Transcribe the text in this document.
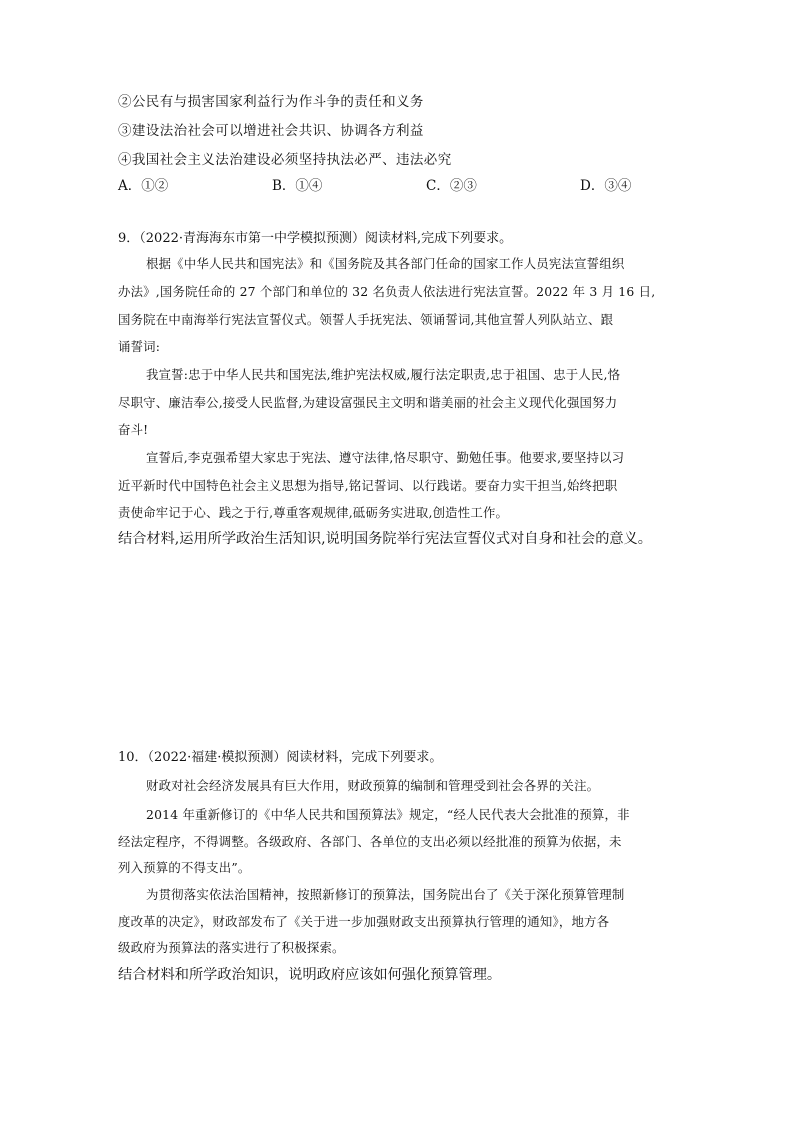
②公民有与损害国家利益行为作斗争的责任和义务
③建设法治社会可以增进社会共识、协调各方利益
④我国社会主义法治建设必须坚持执法必严、违法必究
A．①②	B．①④	C．②③	D．③④
9．（2022·青海海东市第一中学模拟预测）阅读材料,完成下列要求。
根据《中华人民共和国宪法》和《国务院及其各部门任命的国家工作人员宪法宣誓组织
办法》,国务院任命的 27 个部门和单位的 32 名负责人依法进行宪法宣誓。2022 年 3 月 16 日,
国务院在中南海举行宪法宣誓仪式。领誓人手抚宪法、领诵誓词,其他宣誓人列队站立、跟
诵誓词:
我宣誓:忠于中华人民共和国宪法,维护宪法权威,履行法定职责,忠于祖国、忠于人民,恪
尽职守、廉洁奉公,接受人民监督,为建设富强民主文明和谐美丽的社会主义现代化强国努力
奋斗!
宣誓后,李克强希望大家忠于宪法、遵守法律,恪尽职守、勤勉任事。他要求,要坚持以习
近平新时代中国特色社会主义思想为指导,铭记誓词、以行践诺。要奋力实干担当,始终把职
责使命牢记于心、践之于行,尊重客观规律,砥砺务实进取,创造性工作。
结合材料,运用所学政治生活知识,说明国务院举行宪法宣誓仪式对自身和社会的意义。
10．（2022·福建·模拟预测）阅读材料，完成下列要求。
财政对社会经济发展具有巨大作用，财政预算的编制和管理受到社会各界的关注。
2014 年重新修订的《中华人民共和国预算法》规定，“经人民代表大会批准的预算，非
经法定程序，不得调整。各级政府、各部门、各单位的支出必须以经批准的预算为依据，未
列入预算的不得支出”。
为贯彻落实依法治国精神，按照新修订的预算法，国务院出台了《关于深化预算管理制
度改革的决定》，财政部发布了《关于进一步加强财政支出预算执行管理的通知》，地方各
级政府为预算法的落实进行了积极探索。
结合材料和所学政治知识，说明政府应该如何强化预算管理。
